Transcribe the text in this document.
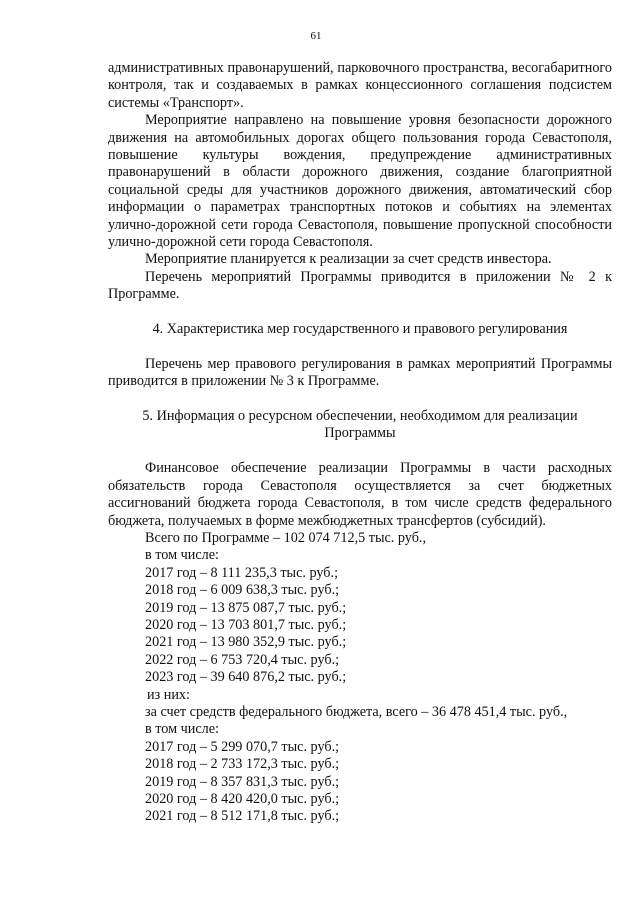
61

административных правонарушений, парковочного пространства, весогабаритного контроля, так и создаваемых в рамках концессионного соглашения подсистем системы «Транспорт».

Мероприятие направлено на повышение уровня безопасности дорожного движения на автомобильных дорогах общего пользования города Севастополя, повышение культуры вождения, предупреждение административных правонарушений в области дорожного движения, создание благоприятной социальной среды для участников дорожного движения, автоматический сбор информации о параметрах транспортных потоков и событиях на элементах улично-дорожной сети города Севастополя, повышение пропускной способности улично-дорожной сети города Севастополя.

Мероприятие планируется к реализации за счет средств инвестора.

Перечень мероприятий Программы приводится в приложении № 2 к Программе.

4. Характеристика мер государственного и правового регулирования

Перечень мер правового регулирования в рамках мероприятий Программы приводится в приложении № 3 к Программе.

5. Информация о ресурсном обеспечении, необходимом для реализации

Программы

Финансовое обеспечение реализации Программы в части расходных обязательств города Севастополя осуществляется за счет бюджетных ассигнований бюджета города Севастополя, в том числе средств федерального бюджета, получаемых в форме межбюджетных трансфертов (субсидий).

Всего по Программе – 102 074 712,5 тыс. руб.,

в том числе:

2017 год – 8 111 235,3 тыс. руб.;

2018 год – 6 009 638,3 тыс. руб.;

2019 год – 13 875 087,7 тыс. руб.;

2020 год – 13 703 801,7 тыс. руб.;

2021 год – 13 980 352,9 тыс. руб.;

2022 год – 6 753 720,4 тыс. руб.;

2023 год – 39 640 876,2 тыс. руб.;

из них:

за счет средств федерального бюджета, всего – 36 478 451,4 тыс. руб.,

в том числе:

2017 год – 5 299 070,7 тыс. руб.;

2018 год – 2 733 172,3 тыс. руб.;

2019 год – 8 357 831,3 тыс. руб.;

2020 год – 8 420 420,0 тыс. руб.;

2021 год – 8 512 171,8 тыс. руб.;
